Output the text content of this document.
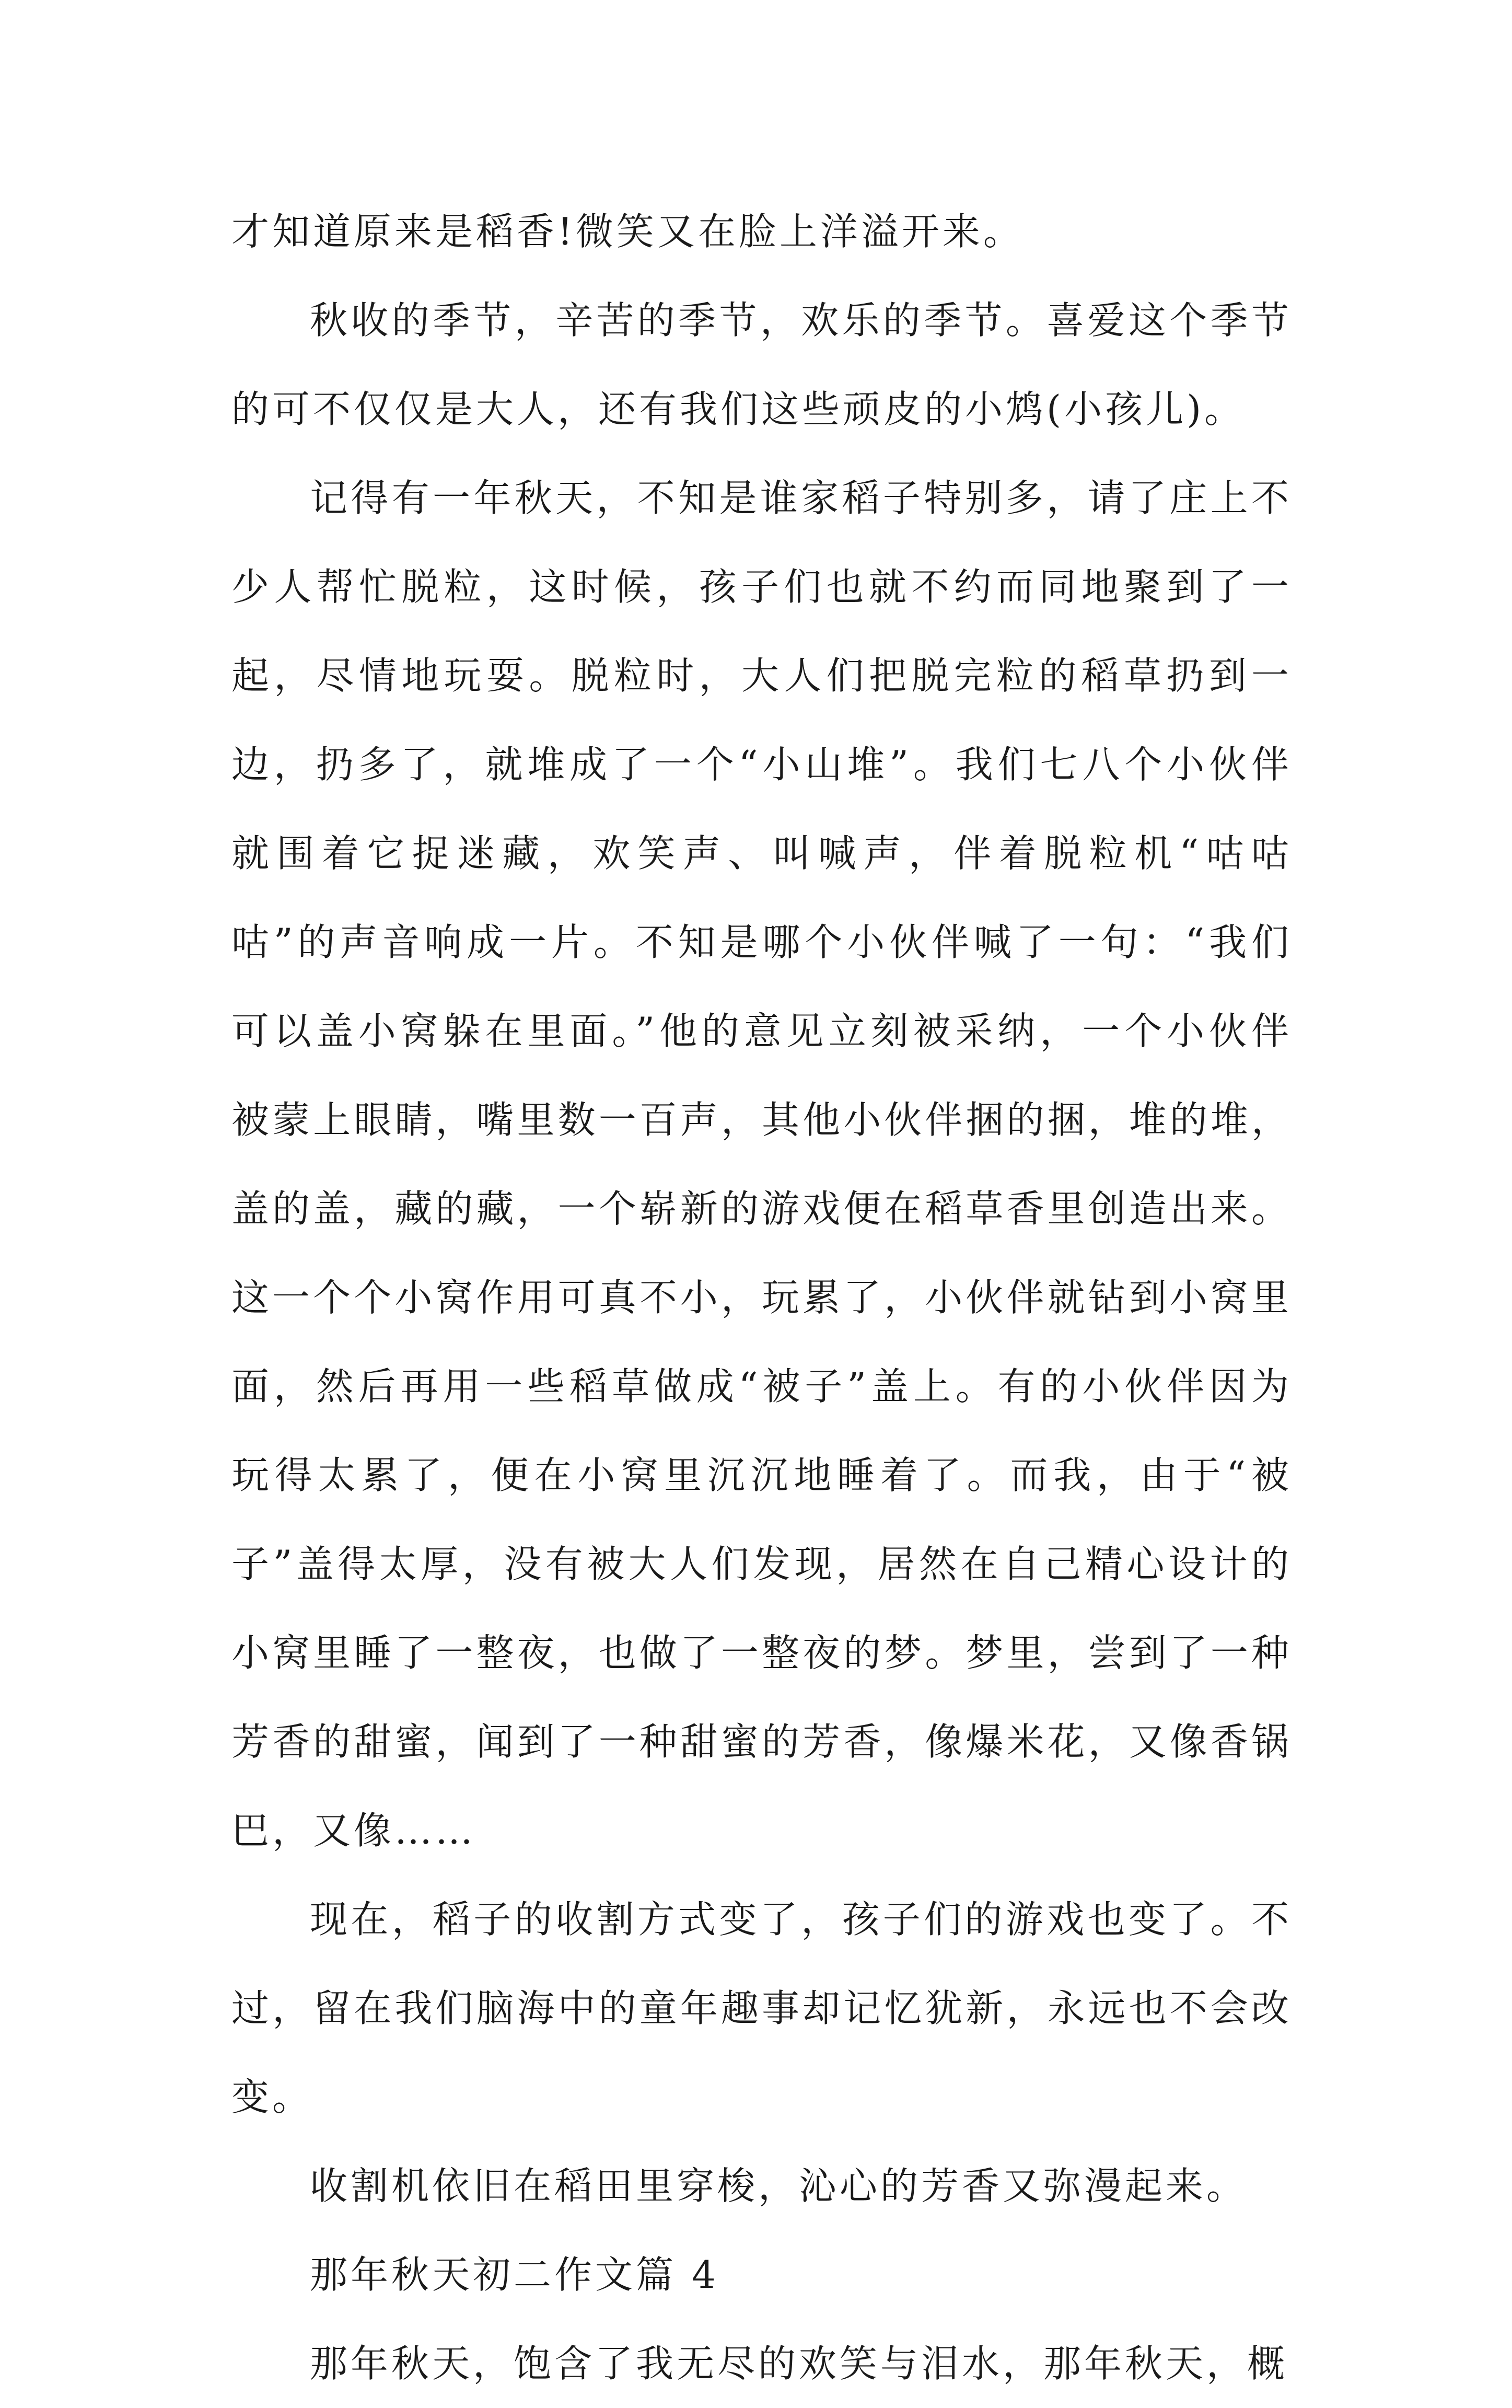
才知道原来是稻香!微笑又在脸上洋溢开来。

秋收的季节，辛苦的季节，欢乐的季节。喜爱这个季节的可不仅仅是大人，还有我们这些顽皮的小鸩(小孩儿)。

记得有一年秋天，不知是谁家稻子特别多，请了庄上不少人帮忙脱粒，这时候，孩子们也就不约而同地聚到了一起，尽情地玩耍。脱粒时，大人们把脱完粒的稻草扔到一边，扔多了，就堆成了一个“小山堆”。我们七八个小伙伴就围着它捉迷藏，欢笑声、叫喊声，伴着脱粒机“咕咕咕”的声音响成一片。不知是哪个小伙伴喊了一句：“我们可以盖小窝躲在里面。”他的意见立刻被采纳，一个小伙伴被蒙上眼睛，嘴里数一百声，其他小伙伴捆的捆，堆的堆，盖的盖，藏的藏，一个崭新的游戏便在稻草香里创造出来。这一个个小窝作用可真不小，玩累了，小伙伴就钻到小窝里面，然后再用一些稻草做成“被子”盖上。有的小伙伴因为玩得太累了，便在小窝里沉沉地睡着了。而我，由于“被子”盖得太厚，没有被大人们发现，居然在自己精心设计的小窝里睡了一整夜，也做了一整夜的梦。梦里，尝到了一种芳香的甜蜜，闻到了一种甜蜜的芳香，像爆米花，又像香锅巴，又像……

现在，稻子的收割方式变了，孩子们的游戏也变了。不过，留在我们脑海中的童年趣事却记忆犹新，永远也不会改变。

收割机依旧在稻田里穿梭，沁心的芳香又弥漫起来。

那年秋天初二作文篇 4

那年秋天，饱含了我无尽的欢笑与泪水，那年秋天，概
